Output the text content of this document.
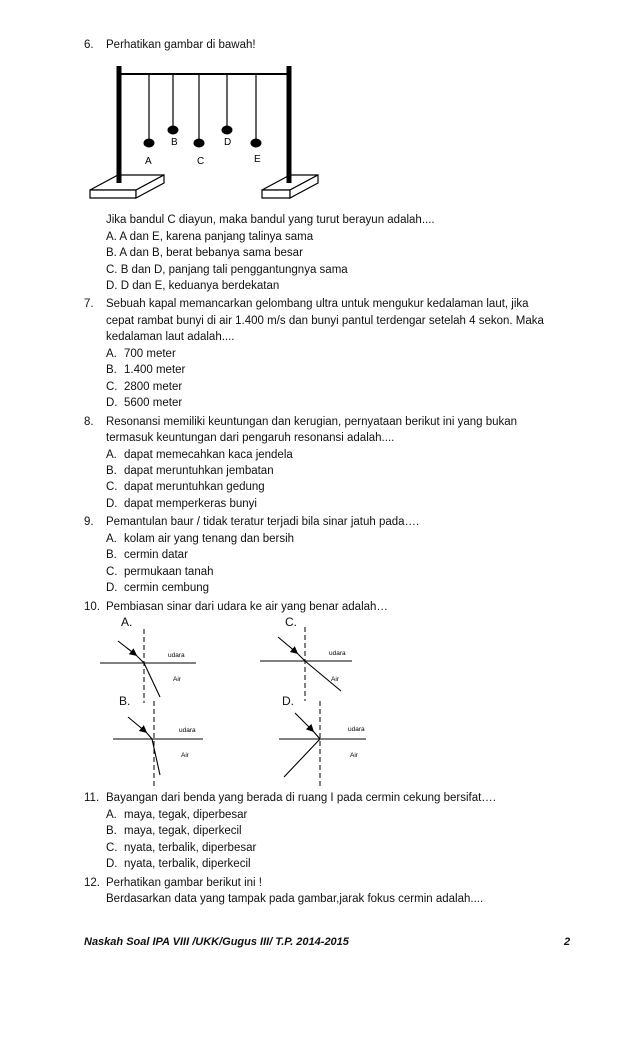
6. Perhatikan gambar di bawah!
A
B
C
D
E
Jika bandul C diayun, maka bandul yang turut berayun adalah....
A. A dan E, karena panjang talinya sama
B. A dan B, berat bebanya sama besar
C. B dan D, panjang tali penggantungnya sama
D. D dan E, keduanya berdekatan
7. Sebuah kapal memancarkan gelombang ultra untuk mengukur kedalaman laut, jika
cepat rambat bunyi di air 1.400 m/s dan bunyi pantul terdengar setelah 4 sekon. Maka
kedalaman laut adalah....
A. 700 meter
B. 1.400 meter
C. 2800 meter
D. 5600 meter
8. Resonansi memiliki keuntungan dan kerugian, pernyataan berikut ini yang bukan
termasuk keuntungan dari pengaruh resonansi adalah....
A. dapat memecahkan kaca jendela
B. dapat meruntuhkan jembatan
C. dapat meruntuhkan gedung
D. dapat memperkeras bunyi
9. Pemantulan baur / tidak teratur terjadi bila sinar jatuh pada….
A. kolam air yang tenang dan bersih
B. cermin datar
C. permukaan tanah
D. cermin cembung
10. Pembiasan sinar dari udara ke air yang benar adalah…
A.	C.
B.	D.
udara
Air
udara
Air
udara
Air
udara
Air
11. Bayangan dari benda yang berada di ruang I pada cermin cekung bersifat….
A. maya, tegak, diperbesar
B. maya, tegak, diperkecil
C. nyata, terbalik, diperbesar
D. nyata, terbalik, diperkecil
12. Perhatikan gambar berikut ini !
Berdasarkan data yang tampak pada gambar,jarak fokus cermin adalah....
Naskah Soal IPA VIII /UKK/Gugus III/ T.P. 2014-2015	2
